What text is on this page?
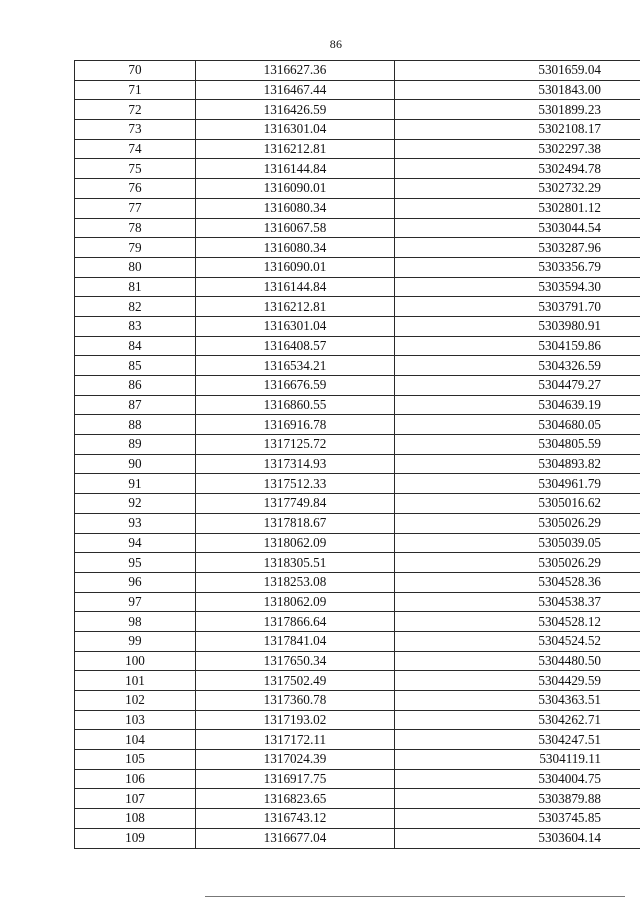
86
70	1316627.36	5301659.04
71	1316467.44	5301843.00
72	1316426.59	5301899.23
73	1316301.04	5302108.17
74	1316212.81	5302297.38
75	1316144.84	5302494.78
76	1316090.01	5302732.29
77	1316080.34	5302801.12
78	1316067.58	5303044.54
79	1316080.34	5303287.96
80	1316090.01	5303356.79
81	1316144.84	5303594.30
82	1316212.81	5303791.70
83	1316301.04	5303980.91
84	1316408.57	5304159.86
85	1316534.21	5304326.59
86	1316676.59	5304479.27
87	1316860.55	5304639.19
88	1316916.78	5304680.05
89	1317125.72	5304805.59
90	1317314.93	5304893.82
91	1317512.33	5304961.79
92	1317749.84	5305016.62
93	1317818.67	5305026.29
94	1318062.09	5305039.05
95	1318305.51	5305026.29
96	1318253.08	5304528.36
97	1318062.09	5304538.37
98	1317866.64	5304528.12
99	1317841.04	5304524.52
100	1317650.34	5304480.50
101	1317502.49	5304429.59
102	1317360.78	5304363.51
103	1317193.02	5304262.71
104	1317172.11	5304247.51
105	1317024.39	5304119.11
106	1316917.75	5304004.75
107	1316823.65	5303879.88
108	1316743.12	5303745.85
109	1316677.04	5303604.14
